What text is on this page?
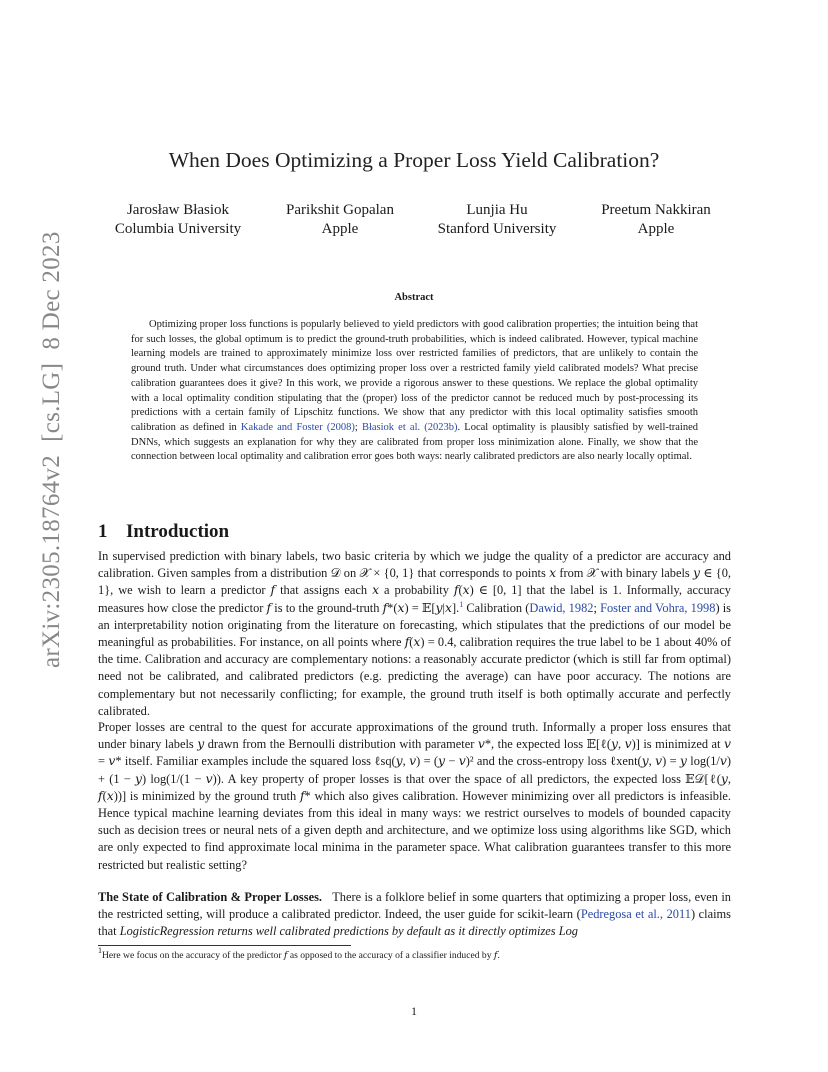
arXiv:2305.18764v2  [cs.LG]  8 Dec 2023
When Does Optimizing a Proper Loss Yield Calibration?
Jarosław Błasiok
Columbia University
Parikshit Gopalan
Apple
Lunjia Hu
Stanford University
Preetum Nakkiran
Apple
Abstract

Optimizing proper loss functions is popularly believed to yield predictors with good calibration properties; the intuition being that for such losses, the global optimum is to predict the ground-truth probabilities, which is indeed calibrated. However, typical machine learning models are trained to approximately minimize loss over restricted families of predictors, that are unlikely to contain the ground truth. Under what circumstances does optimizing proper loss over a restricted family yield calibrated models? What precise calibration guarantees does it give? In this work, we provide a rigorous answer to these questions. We replace the global optimality with a local optimality condition stipulating that the (proper) loss of the predictor cannot be reduced much by post-processing its predictions with a certain family of Lipschitz functions. We show that any predictor with this local optimality satisfies smooth calibration as defined in Kakade and Foster (2008); Błasiok et al. (2023b). Local optimality is plausibly satisfied by well-trained DNNs, which suggests an explanation for why they are calibrated from proper loss minimization alone. Finally, we show that the connection between local optimality and calibration error goes both ways: nearly calibrated predictors are also nearly locally optimal.

1 Introduction

In supervised prediction with binary labels, two basic criteria by which we judge the quality of a predictor are accuracy and calibration. Given samples from a distribution 𝒟 on 𝒳 × {0, 1} that corresponds to points 𝑥 from 𝒳 with binary labels 𝑦 ∈ {0, 1}, we wish to learn a predictor 𝑓 that assigns each 𝑥 a probability 𝑓(𝑥) ∈ [0, 1] that the label is 1. Informally, accuracy measures how close the predictor 𝑓 is to the ground-truth 𝑓*(𝑥) = 𝔼[𝑦|𝑥].$^1$ Calibration (Dawid, 1982; Foster and Vohra, 1998) is an interpretability notion originating from the literature on forecasting, which stipulates that the predictions of our model be meaningful as probabilities. For instance, on all points where 𝑓(𝑥) = 0.4, calibration requires the true label to be 1 about 40% of the time. Calibration and accuracy are complementary notions: a reasonably accurate predictor (which is still far from optimal) need not be calibrated, and calibrated predictors (e.g. predicting the average) can have poor accuracy. The notions are complementary but not necessarily conflicting; for example, the ground truth itself is both optimally accurate and perfectly calibrated.

Proper losses are central to the quest for accurate approximations of the ground truth. Informally a proper loss ensures that under binary labels 𝑦 drawn from the Bernoulli distribution with parameter 𝑣*, the expected loss 𝔼[ℓ(𝑦, 𝑣)] is minimized at 𝑣 = 𝑣* itself. Familiar examples include the squared loss ℓsq(𝑦, 𝑣) = (𝑦 − 𝑣)² and the cross-entropy loss ℓxent(𝑦, 𝑣) = 𝑦 log(1/𝑣) + (1 − 𝑦) log(1/(1 − 𝑣)). A key property of proper losses is that over the space of all predictors, the expected loss 𝔼𝒟[ℓ(𝑦, 𝑓(𝑥))] is minimized by the ground truth 𝑓* which also gives calibration. However minimizing over all predictors is infeasible. Hence typical machine learning deviates from this ideal in many ways: we restrict ourselves to models of bounded capacity such as decision trees or neural nets of a given depth and architecture, and we optimize loss using algorithms like SGD, which are only expected to find approximate local minima in the parameter space. What calibration guarantees transfer to this more restricted but realistic setting?

The State of Calibration & Proper Losses. There is a folklore belief in some quarters that optimizing a proper loss, even in the restricted setting, will produce a calibrated predictor. Indeed, the user guide for scikit-learn (Pedregosa et al., 2011) claims that LogisticRegression returns well calibrated predictions by default as it directly optimizes Log

$^1$Here we focus on the accuracy of the predictor 𝑓 as opposed to the accuracy of a classifier induced by 𝑓.

1
